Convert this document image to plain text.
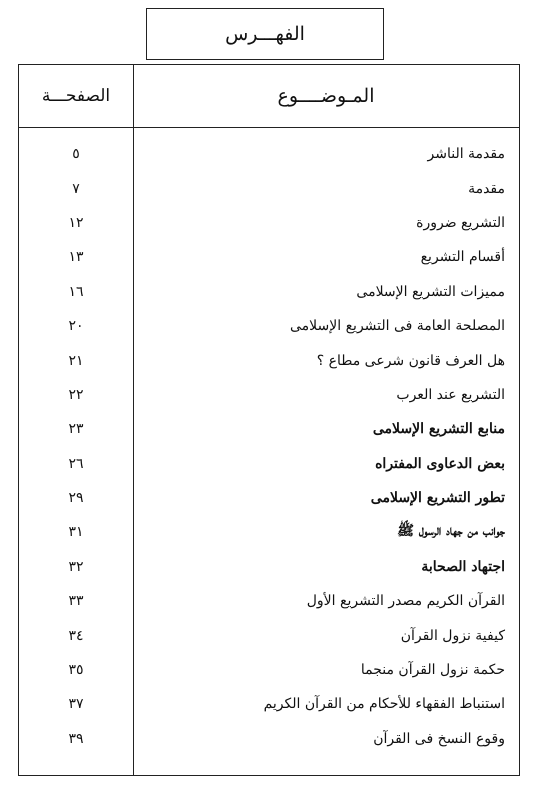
الفهـــرس
المـوضــــوع
الصفحـــة
مقدمة الناشر
٥
مقدمة
٧
التشريع ضرورة
١٢
أقسام التشريع
١٣
مميزات التشريع الإسلامى
١٦
المصلحة العامة فى التشريع الإسلامى
٢٠
هل العرف قانون شرعى مطاع ؟
٢١
التشريع عند العرب
٢٢
منابع التشريع الإسلامى
٢٣
بعض الدعاوى المفتراه
٢٦
تطور التشريع الإسلامى
٢٩
جوانب من جهاد الرسول ﷺ
٣١
اجتهاد الصحابة
٣٢
القرآن الكريم مصدر التشريع الأول
٣٣
كيفية نزول القرآن
٣٤
حكمة نزول القرآن منجما
٣٥
استنباط الفقهاء للأحكام من القرآن الكريم
٣٧
وقوع النسخ فى القرآن
٣٩
